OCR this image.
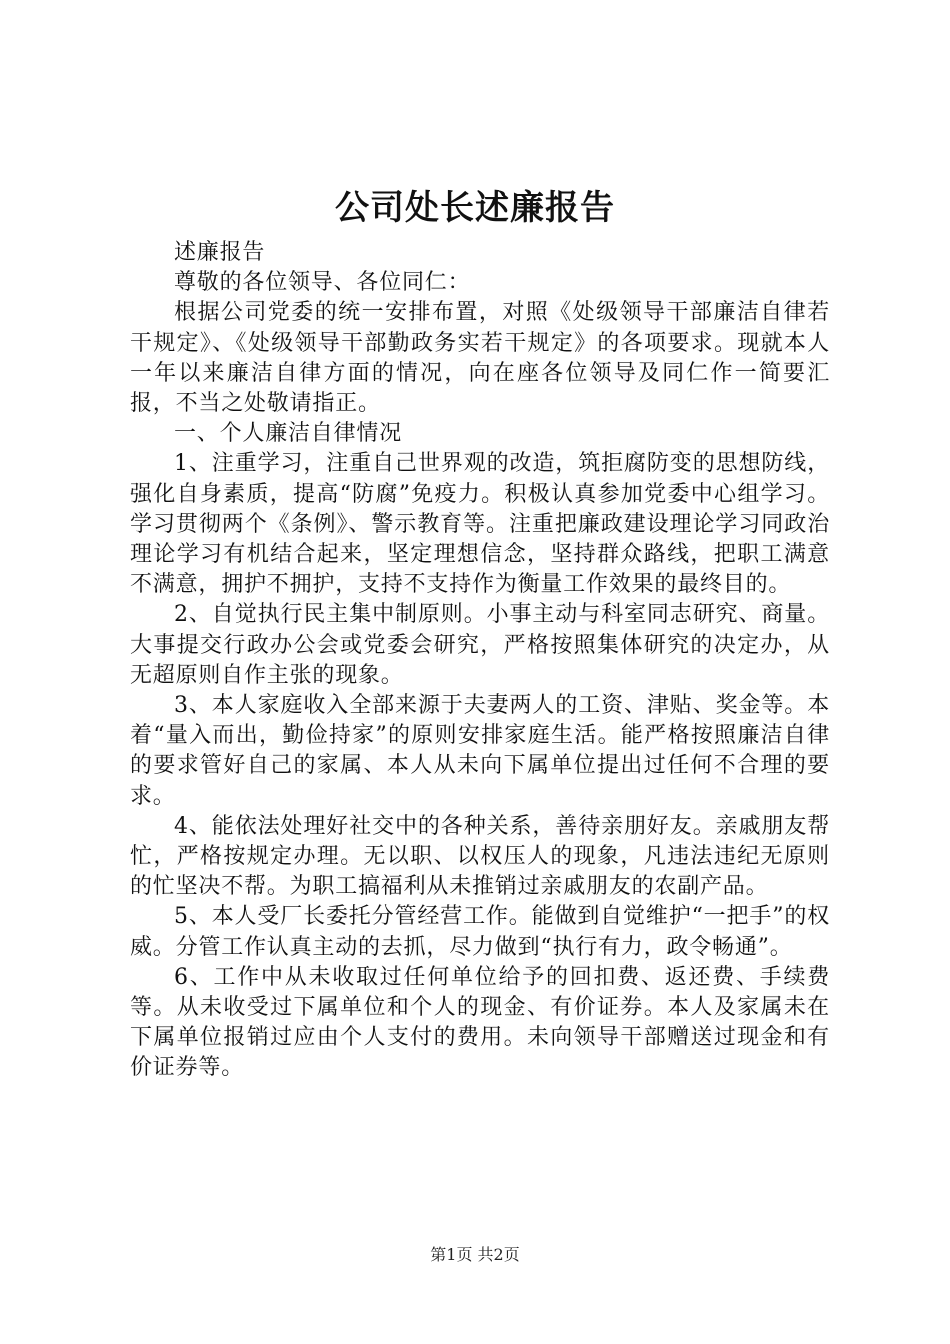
公司处长述廉报告

述廉报告

尊敬的各位领导、各位同仁：

根据公司党委的统一安排布置，对照《处级领导干部廉洁自律若干规定》、《处级领导干部勤政务实若干规定》的各项要求。现就本人一年以来廉洁自律方面的情况，向在座各位领导及同仁作一简要汇报，不当之处敬请指正。

一、个人廉洁自律情况

1、注重学习，注重自己世界观的改造，筑拒腐防变的思想防线，强化自身素质，提高“防腐”免疫力。积极认真参加党委中心组学习。学习贯彻两个《条例》、警示教育等。注重把廉政建设理论学习同政治理论学习有机结合起来，坚定理想信念，坚持群众路线，把职工满意不满意，拥护不拥护，支持不支持作为衡量工作效果的最终目的。

2、自觉执行民主集中制原则。小事主动与科室同志研究、商量。大事提交行政办公会或党委会研究，严格按照集体研究的决定办，从无超原则自作主张的现象。

3、本人家庭收入全部来源于夫妻两人的工资、津贴、奖金等。本着“量入而出，勤俭持家”的原则安排家庭生活。能严格按照廉洁自律的要求管好自己的家属、本人从未向下属单位提出过任何不合理的要求。

4、能依法处理好社交中的各种关系，善待亲朋好友。亲戚朋友帮忙，严格按规定办理。无以职、以权压人的现象，凡违法违纪无原则的忙坚决不帮。为职工搞福利从未推销过亲戚朋友的农副产品。

5、本人受厂长委托分管经营工作。能做到自觉维护“一把手”的权威。分管工作认真主动的去抓，尽力做到“执行有力，政令畅通”。

6、工作中从未收取过任何单位给予的回扣费、返还费、手续费等。从未收受过下属单位和个人的现金、有价证券。本人及家属未在下属单位报销过应由个人支付的费用。未向领导干部赠送过现金和有价证券等。

第1页 共2页
